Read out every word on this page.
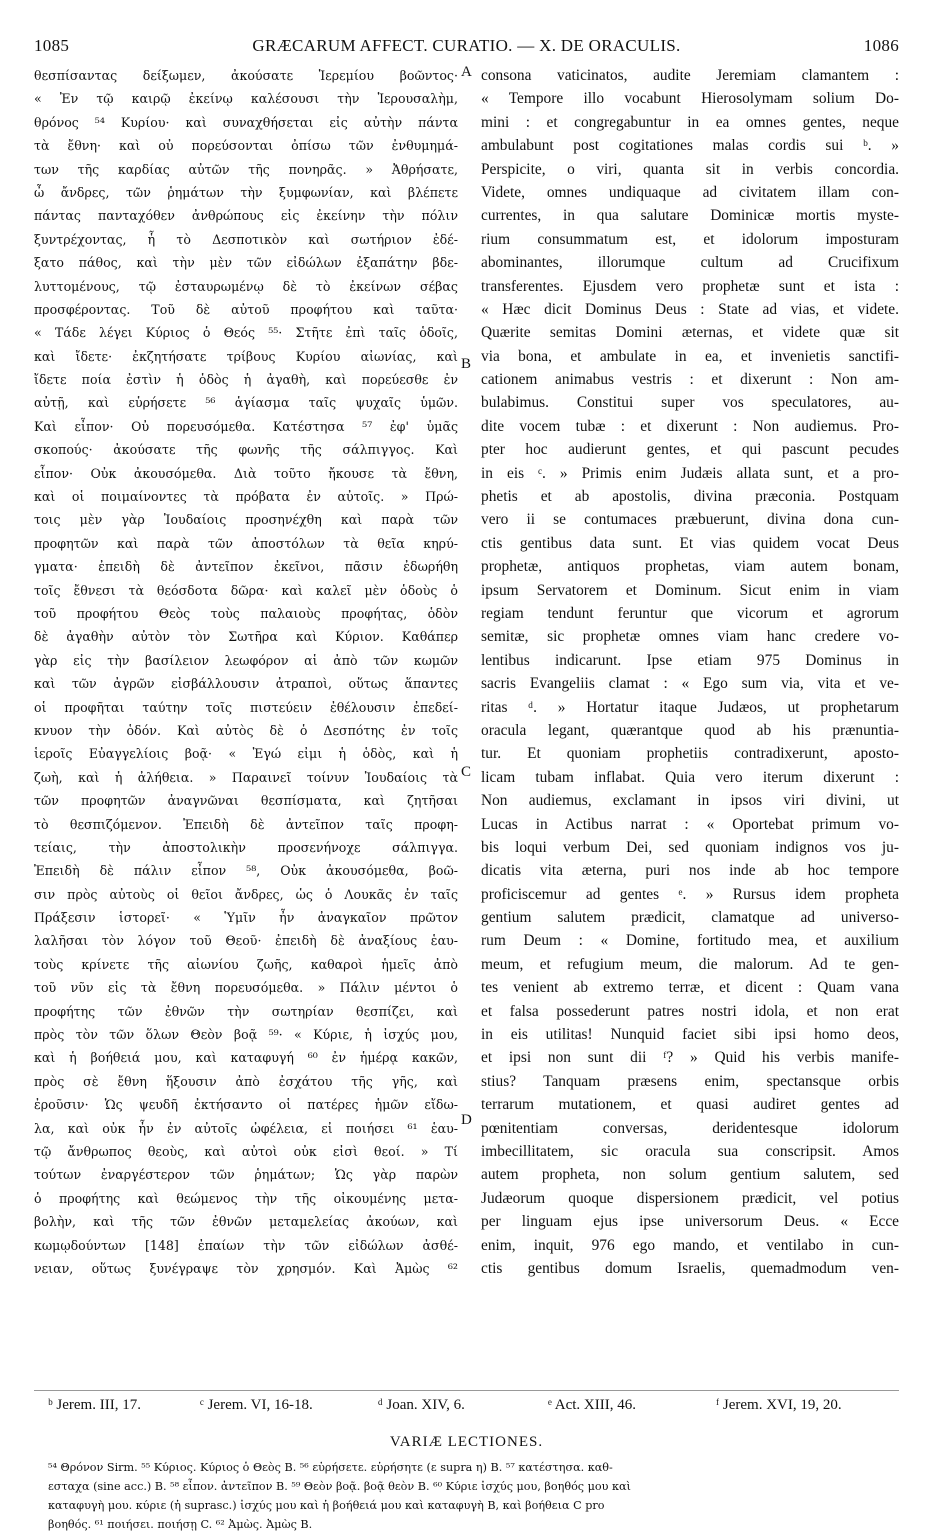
1085	GRÆCARUM AFFECT. CURATIO. — X. DE ORACULIS.	1086
θεσπίσαντας δείξωμεν, ἀκούσατε Ἱερεμίου βοῶντος·
« Ἐν τῷ καιρῷ ἐκείνῳ καλέσουσι τὴν Ἱερουσαλὴμ,
θρόνος ⁵⁴ Κυρίου· καὶ συναχθήσεται εἰς αὐτὴν πάντα
τὰ ἔθνη· καὶ οὐ πορεύσονται ὀπίσω τῶν ἐνθυμημά-
των τῆς καρδίας αὐτῶν τῆς πονηρᾶς. » Ἀθρήσατε,
ὦ ἄνδρες, τῶν ῥημάτων τὴν ξυμφωνίαν, καὶ βλέπετε
πάντας πανταχόθεν ἀνθρώπους εἰς ἐκείνην τὴν πόλιν
ξυντρέχοντας, ἧ τὸ Δεσποτικὸν καὶ σωτήριον ἐδέ-
ξατο πάθος, καὶ τὴν μὲν τῶν εἰδώλων ἐξαπάτην βδε-
λυττομένους, τῷ ἐσταυρωμένῳ δὲ τὸ ἐκείνων σέβας
προσφέροντας. Τοῦ δὲ αὐτοῦ προφήτου καὶ ταῦτα·
« Τάδε λέγει Κύριος ὁ Θεός ⁵⁵· Στῆτε ἐπὶ ταῖς ὁδοῖς,
καὶ ἴδετε· ἐκζητήσατε τρίβους Κυρίου αἰωνίας, καὶ
ἴδετε ποία ἐστὶν ἡ ὁδὸς ἡ ἀγαθὴ, καὶ πορεύεσθε ἐν
αὐτῇ, καὶ εὑρήσετε ⁵⁶ ἁγίασμα ταῖς ψυχαῖς ὑμῶν.
Καὶ εἶπον· Οὐ πορευσόμεθα. Κατέστησα ⁵⁷ ἐφ' ὑμᾶς
σκοπούς· ἀκούσατε τῆς φωνῆς τῆς σάλπιγγος. Καὶ
εἶπον· Οὐκ ἀκουσόμεθα. Διὰ τοῦτο ἤκουσε τὰ ἔθνη,
καὶ οἱ ποιμαίνοντες τὰ πρόβατα ἐν αὐτοῖς. » Πρώ-
τοις μὲν γὰρ Ἰουδαίοις προσηνέχθη καὶ παρὰ τῶν
προφητῶν καὶ παρὰ τῶν ἀποστόλων τὰ θεῖα κηρύ-
γματα· ἐπειδὴ δὲ ἀντεῖπον ἐκεῖνοι, πᾶσιν ἐδωρήθη
τοῖς ἔθνεσι τὰ θεόσδοτα δῶρα· καὶ καλεῖ μὲν ὁδοὺς ὁ
τοῦ προφήτου Θεὸς τοὺς παλαιοὺς προφήτας, ὁδὸν
δὲ ἀγαθὴν αὐτὸν τὸν Σωτῆρα καὶ Κύριον. Καθάπερ
γὰρ εἰς τὴν βασίλειον λεωφόρον αἱ ἀπὸ τῶν κωμῶν
καὶ τῶν ἀγρῶν εἰσβάλλουσιν ἀτραποὶ, οὕτως ἅπαντες
οἱ προφῆται ταύτην τοῖς πιστεύειν ἐθέλουσιν ἐπεδεί-
κνυον τὴν ὁδόν. Καὶ αὐτὸς δὲ ὁ Δεσπότης ἐν τοῖς
ἱεροῖς Εὐαγγελίοις βοᾷ· « Ἐγώ εἰμι ἡ ὁδὸς, καὶ ἡ
ζωὴ, καὶ ἡ ἀλήθεια. » Παραινεῖ τοίνυν Ἰουδαίοις τὰ
τῶν προφητῶν ἀναγνῶναι θεσπίσματα, καὶ ζητῆσαι
τὸ θεσπιζόμενον. Ἐπειδὴ δὲ ἀντεῖπον ταῖς προφη-
τείαις, τὴν ἀποστολικὴν προσενήνοχε σάλπιγγα.
Ἐπειδὴ δὲ πάλιν εἶπον ⁵⁸, Οὐκ ἀκουσόμεθα, βοῶ-
σιν πρὸς αὐτοὺς οἱ θεῖοι ἄνδρες, ὡς ὁ Λουκᾶς ἐν ταῖς
Πράξεσιν ἱστορεῖ· « Ὑμῖν ἦν ἀναγκαῖον πρῶτον
λαλῆσαι τὸν λόγον τοῦ Θεοῦ· ἐπειδὴ δὲ ἀναξίους ἑαυ-
τοὺς κρίνετε τῆς αἰωνίου ζωῆς, καθαροὶ ἡμεῖς ἀπὸ
τοῦ νῦν εἰς τὰ ἔθνη πορευσόμεθα. » Πάλιν μέντοι ὁ
προφήτης τῶν ἐθνῶν τὴν σωτηρίαν θεσπίζει, καὶ
πρὸς τὸν τῶν ὅλων Θεὸν βοᾷ ⁵⁹· « Κύριε, ἡ ἰσχύς μου,
καὶ ἡ βοήθειά μου, καὶ καταφυγή ⁶⁰ ἐν ἡμέρᾳ κακῶν,
πρὸς σὲ ἔθνη ἥξουσιν ἀπὸ ἐσχάτου τῆς γῆς, καὶ
ἐροῦσιν· Ὡς ψευδῆ ἐκτήσαντο οἱ πατέρες ἡμῶν εἴδω-
λα, καὶ οὐκ ἦν ἐν αὐτοῖς ὠφέλεια, εἰ ποιήσει ⁶¹ ἑαυ-
τῷ ἄνθρωπος θεοὺς, καὶ αὐτοὶ οὐκ εἰσὶ θεοί. » Τί
τούτων ἐναργέστερον τῶν ῥημάτων; Ὡς γὰρ παρὼν
ὁ προφήτης καὶ θεώμενος τὴν τῆς οἰκουμένης μετα-
βολὴν, καὶ τῆς τῶν ἐθνῶν μεταμελείας ἀκούων, καὶ
κωμῳδούντων [148] ἐπαίων τὴν τῶν εἰδώλων ἀσθέ-
νειαν, οὕτως ξυνέγραψε τὸν χρησμόν. Καὶ Ἀμὼς ⁶²
consona vaticinatos, audite Jeremiam clamantem :
« Tempore illo vocabunt Hierosolymam solium Do-
mini : et congregabuntur in ea omnes gentes, neque
ambulabunt post cogitationes malas cordis sui ᵇ. »
Perspicite, o viri, quanta sit in verbis concordia.
Videte, omnes undiquaque ad civitatem illam con-
currentes, in qua salutare Dominicæ mortis myste-
rium consummatum est, et idolorum imposturam
abominantes, illorumque cultum ad Crucifixum
transferentes. Ejusdem vero prophetæ sunt et ista :
« Hæc dicit Dominus Deus : State ad vias, et videte.
Quærite semitas Domini æternas, et videte quæ sit
via bona, et ambulate in ea, et invenietis sanctifi-
cationem animabus vestris : et dixerunt : Non am-
bulabimus. Constitui super vos speculatores, au-
dite vocem tubæ : et dixerunt : Non audiemus. Pro-
pter hoc audierunt gentes, et qui pascunt pecudes
in eis ᶜ. » Primis enim Judæis allata sunt, et a pro-
phetis et ab apostolis, divina præconia. Postquam
vero ii se contumaces præbuerunt, divina dona cun-
ctis gentibus data sunt. Et vias quidem vocat Deus
prophetæ, antiquos prophetas, viam autem bonam,
ipsum Servatorem et Dominum. Sicut enim in viam
regiam tendunt feruntur que vicorum et agrorum
semitæ, sic prophetæ omnes viam hanc credere vo-
lentibus indicarunt. Ipse etiam 975 Dominus in
sacris Evangeliis clamat : « Ego sum via, vita et ve-
ritas ᵈ. » Hortatur itaque Judæos, ut prophetarum
oracula legant, quærantque quod ab his prænuntia-
tur. Et quoniam prophetiis contradixerunt, aposto-
licam tubam inflabat. Quia vero iterum dixerunt :
Non audiemus, exclamant in ipsos viri divini, ut
Lucas in Actibus narrat : « Oportebat primum vo-
bis loqui verbum Dei, sed quoniam indignos vos ju-
dicatis vita æterna, puri nos inde ab hoc tempore
proficiscemur ad gentes ᵉ. » Rursus idem propheta
gentium salutem prædicit, clamatque ad universo-
rum Deum : « Domine, fortitudo mea, et auxilium
meum, et refugium meum, die malorum. Ad te gen-
tes venient ab extremo terræ, et dicent : Quam vana
et falsa possederunt patres nostri idola, et non erat
in eis utilitas! Nunquid faciet sibi ipsi homo deos,
et ipsi non sunt dii ᶠ? » Quid his verbis manife-
stius? Tanquam præsens enim, spectansque orbis
terrarum mutationem, et quasi audiret gentes ad
pœnitentiam conversas, deridentesque idolorum
imbecillitatem, sic oracula sua conscripsit. Amos
autem propheta, non solum gentium salutem, sed
Judæorum quoque dispersionem prædicit, vel potius
per linguam ejus ipse universorum Deus. « Ecce
enim, inquit, 976 ego mando, et ventilabo in cun-
ctis gentibus domum Israelis, quemadmodum ven-
A
B
C
D
ᵇ Jerem. III, 17.	ᶜ Jerem. VI, 16-18.	ᵈ Joan. XIV, 6.	ᵉ Act. XIII, 46.	ᶠ Jerem. XVI, 19, 20.
VARIÆ LECTIONES.
⁵⁴ Θρόνον Sirm. ⁵⁵ Κύριος. Κύριος ὁ Θεὸς B. ⁵⁶ εὑρήσετε. εὑρήσητε (ε supra η) B. ⁵⁷ κατέστησα. καθ-
εσταχα (sine acc.) B. ⁵⁸ εἶπον. ἀντεῖπον B. ⁵⁹ Θεὸν βοᾷ. βοᾷ θεὸν B. ⁶⁰ Κύριε ἰσχύς μου, βοηθός μου καὶ
καταφυγὴ μου. κύριε (ἡ suprasc.) ἰσχύς μου καὶ ἡ βοήθειά μου καὶ καταφυγὴ B, καὶ βοήθεια C pro
βοηθός. ⁶¹ ποιήσει. ποιήσῃ C. ⁶² Ἀμὼς. Ἀμὼς B.
